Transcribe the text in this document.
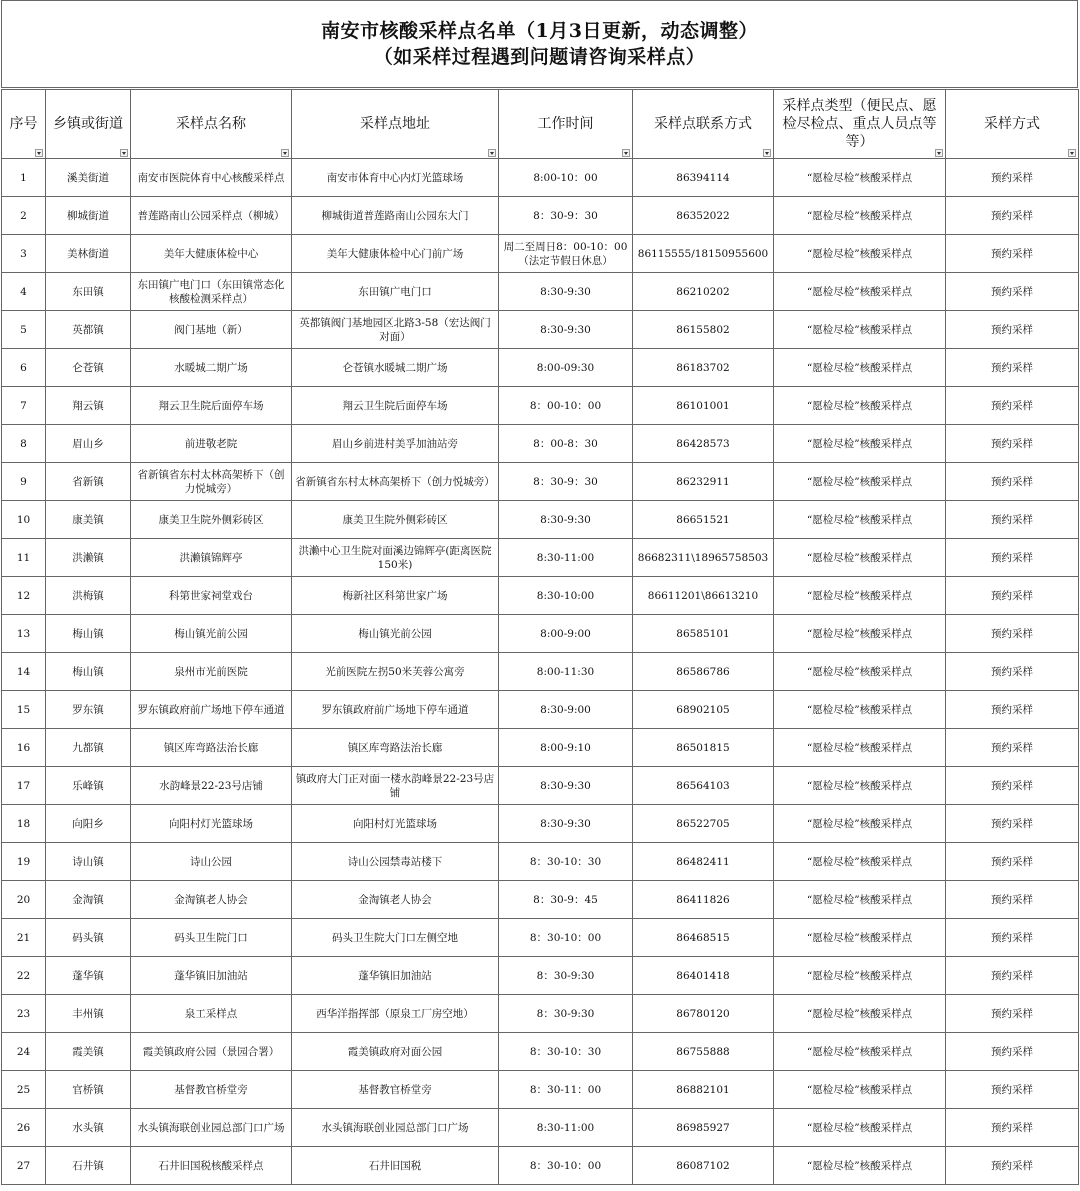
南安市核酸采样点名单（1月3日更新，动态调整）
（如采样过程遇到问题请咨询采样点）
序号	乡镇或街道	采样点名称	采样点地址	工作时间	采样点联系方式	采样点类型（便民点、愿检尽检点、重点人员点等等）	采样方式

1	溪美街道	南安市医院体育中心核酸采样点	南安市体育中心内灯光篮球场	8:00-10：00	86394114	“愿检尽检”核酸采样点	预约采样
2	柳城街道	普莲路南山公园采样点（柳城）	柳城街道普莲路南山公园东大门	8：30-9：30	86352022	“愿检尽检”核酸采样点	预约采样
3	美林街道	美年大健康体检中心	美年大健康体检中心门前广场	周二至周日8：00-10：00（法定节假日休息）	86115555/18150955600	“愿检尽检”核酸采样点	预约采样
4	东田镇	东田镇广电门口（东田镇常态化核酸检测采样点）	东田镇广电门口	8:30-9:30	86210202	“愿检尽检”核酸采样点	预约采样
5	英都镇	阀门基地（新）	英都镇阀门基地园区北路3-58（宏达阀门对面）	8:30-9:30	86155802	“愿检尽检”核酸采样点	预约采样
6	仑苍镇	水暖城二期广场	仑苍镇水暖城二期广场	8:00-09:30	86183702	“愿检尽检”核酸采样点	预约采样
7	翔云镇	翔云卫生院后面停车场	翔云卫生院后面停车场	8：00-10：00	86101001	“愿检尽检”核酸采样点	预约采样
8	眉山乡	前进敬老院	眉山乡前进村美孚加油站旁	8：00-8：30	86428573	“愿检尽检”核酸采样点	预约采样
9	省新镇	省新镇省东村太林高架桥下（创力悦城旁）	省新镇省东村太林高架桥下（创力悦城旁）	8：30-9：30	86232911	“愿检尽检”核酸采样点	预约采样
10	康美镇	康美卫生院外侧彩砖区	康美卫生院外侧彩砖区	8:30-9:30	86651521	“愿检尽检”核酸采样点	预约采样
11	洪濑镇	洪濑镇锦辉亭	洪濑中心卫生院对面溪边锦辉亭(距离医院150米)	8:30-11:00	86682311\18965758503	“愿检尽检”核酸采样点	预约采样
12	洪梅镇	科第世家祠堂戏台	梅新社区科第世家广场	8:30-10:00	86611201\86613210	“愿检尽检”核酸采样点	预约采样
13	梅山镇	梅山镇光前公园	梅山镇光前公园	8:00-9:00	86585101	“愿检尽检”核酸采样点	预约采样
14	梅山镇	泉州市光前医院	光前医院左拐50米芙蓉公寓旁	8:00-11:30	86586786	“愿检尽检”核酸采样点	预约采样
15	罗东镇	罗东镇政府前广场地下停车通道	罗东镇政府前广场地下停车通道	8:30-9:00	68902105	“愿检尽检”核酸采样点	预约采样
16	九都镇	镇区库弯路法治长廊	镇区库弯路法治长廊	8:00-9:10	86501815	“愿检尽检”核酸采样点	预约采样
17	乐峰镇	水韵峰景22-23号店铺	镇政府大门正对面一楼水韵峰景22-23号店铺	8:30-9:30	86564103	“愿检尽检”核酸采样点	预约采样
18	向阳乡	向阳村灯光篮球场	向阳村灯光篮球场	8:30-9:30	86522705	“愿检尽检”核酸采样点	预约采样
19	诗山镇	诗山公园	诗山公园禁毒站楼下	8：30-10：30	86482411	“愿检尽检”核酸采样点	预约采样
20	金淘镇	金淘镇老人协会	金淘镇老人协会	8：30-9：45	86411826	“愿检尽检”核酸采样点	预约采样
21	码头镇	码头卫生院门口	码头卫生院大门口左侧空地	8：30-10：00	86468515	“愿检尽检”核酸采样点	预约采样
22	蓬华镇	蓬华镇旧加油站	蓬华镇旧加油站	8：30-9:30	86401418	“愿检尽检”核酸采样点	预约采样
23	丰州镇	泉工采样点	西华洋指挥部（原泉工厂房空地）	8：30-9:30	86780120	“愿检尽检”核酸采样点	预约采样
24	霞美镇	霞美镇政府公园（景园合署）	霞美镇政府对面公园	8：30-10：30	86755888	“愿检尽检”核酸采样点	预约采样
25	官桥镇	基督教官桥堂旁	基督教官桥堂旁	8：30-11：00	86882101	“愿检尽检”核酸采样点	预约采样
26	水头镇	水头镇海联创业园总部门口广场	水头镇海联创业园总部门口广场	8:30-11:00	86985927	“愿检尽检”核酸采样点	预约采样
27	石井镇	石井旧国税核酸采样点	石井旧国税	8：30-10：00	86087102	“愿检尽检”核酸采样点	预约采样
